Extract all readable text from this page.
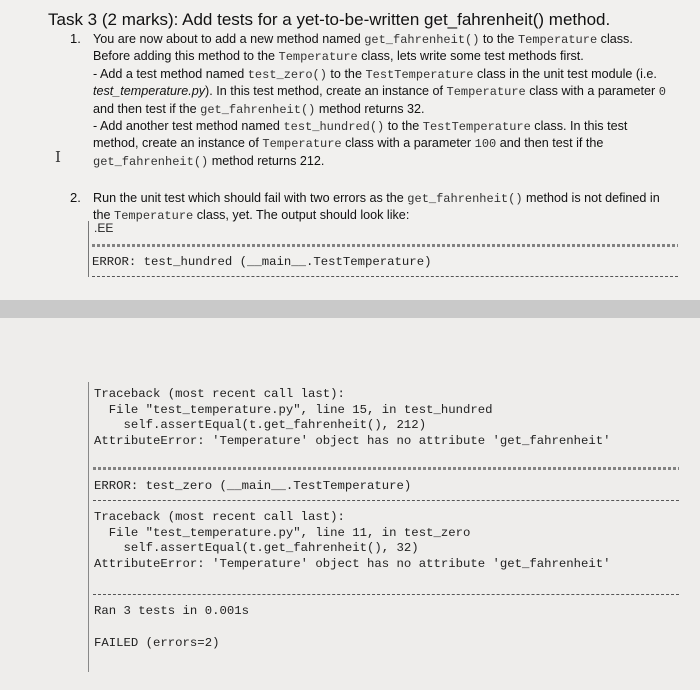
Task 3 (2 marks): Add tests for a yet-to-be-written get_fahrenheit() method.
1. You are now about to add a new method named get_fahrenheit() to the Temperature class.
Before adding this method to the Temperature class, lets write some test methods first.
- Add a test method named test_zero() to the TestTemperature class in the unit test module (i.e.
test_temperature.py). In this test method, create an instance of Temperature class with a parameter 0
and then test if the get_fahrenheit() method returns 32.
- Add another test method named test_hundred() to the TestTemperature class. In this test
method, create an instance of Temperature class with a parameter 100 and then test if the
get_fahrenheit() method returns 212.
I
2. Run the unit test which should fail with two errors as the get_fahrenheit() method is not defined in
the Temperature class, yet. The output should look like:
.EE
ERROR: test_hundred (__main__.TestTemperature)
Traceback (most recent call last):
File "test_temperature.py", line 15, in test_hundred
self.assertEqual(t.get_fahrenheit(), 212)
AttributeError: 'Temperature' object has no attribute 'get_fahrenheit'
ERROR: test_zero (__main__.TestTemperature)
Traceback (most recent call last):
File "test_temperature.py", line 11, in test_zero
self.assertEqual(t.get_fahrenheit(), 32)
AttributeError: 'Temperature' object has no attribute 'get_fahrenheit'
Ran 3 tests in 0.001s
FAILED (errors=2)
